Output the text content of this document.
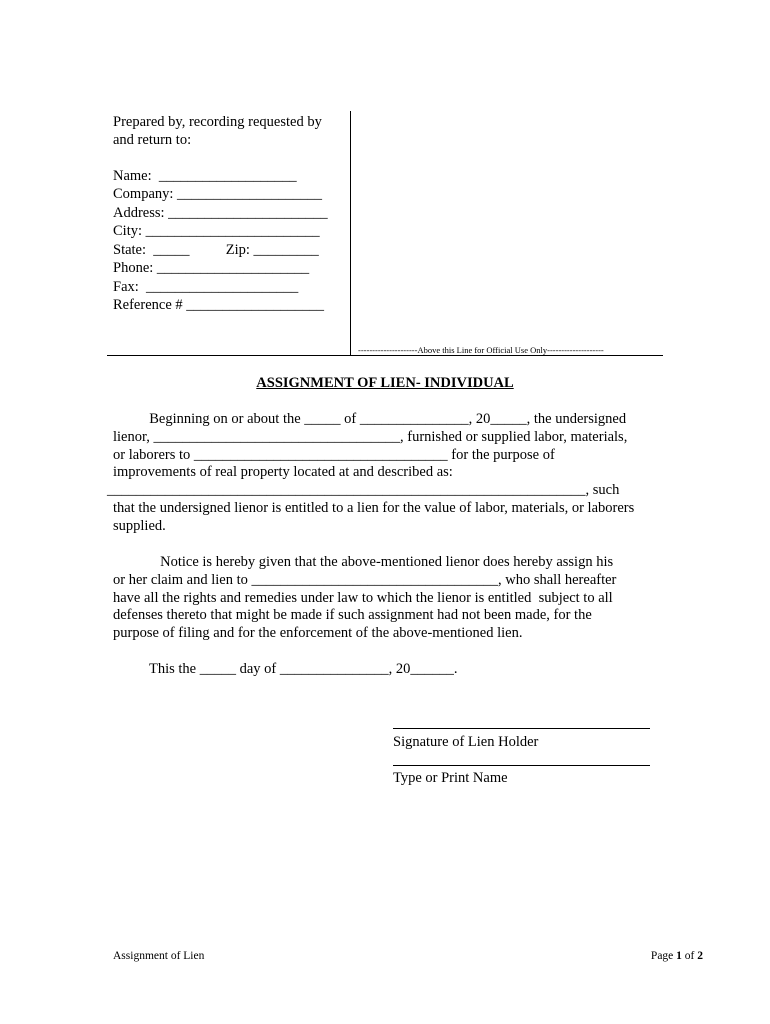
Prepared by, recording requested by
and return to:
Name:  ___________________
Company: ____________________
Address: ______________________
City: ________________________
State:  _____          Zip: _________
Phone: _____________________
Fax:  _____________________
Reference # ___________________
---------------------Above this Line for Official Use Only--------------------
ASSIGNMENT OF LIEN- INDIVIDUAL
Beginning on or about the _____ of _______________, 20_____, the undersigned
lienor, __________________________________, furnished or supplied labor, materials,
or laborers to ___________________________________ for the purpose of
improvements of real property located at and described as:
__________________________________________________________________, such
that the undersigned lienor is entitled to a lien for the value of labor, materials, or laborers
supplied.
Notice is hereby given that the above-mentioned lienor does hereby assign his
or her claim and lien to __________________________________, who shall hereafter
have all the rights and remedies under law to which the lienor is entitled  subject to all
defenses thereto that might be made if such assignment had not been made, for the
purpose of filing and for the enforcement of the above-mentioned lien.
This the _____ day of _______________, 20______.
Signature of Lien Holder
Type or Print Name
Assignment of Lien	Page 1 of 2
